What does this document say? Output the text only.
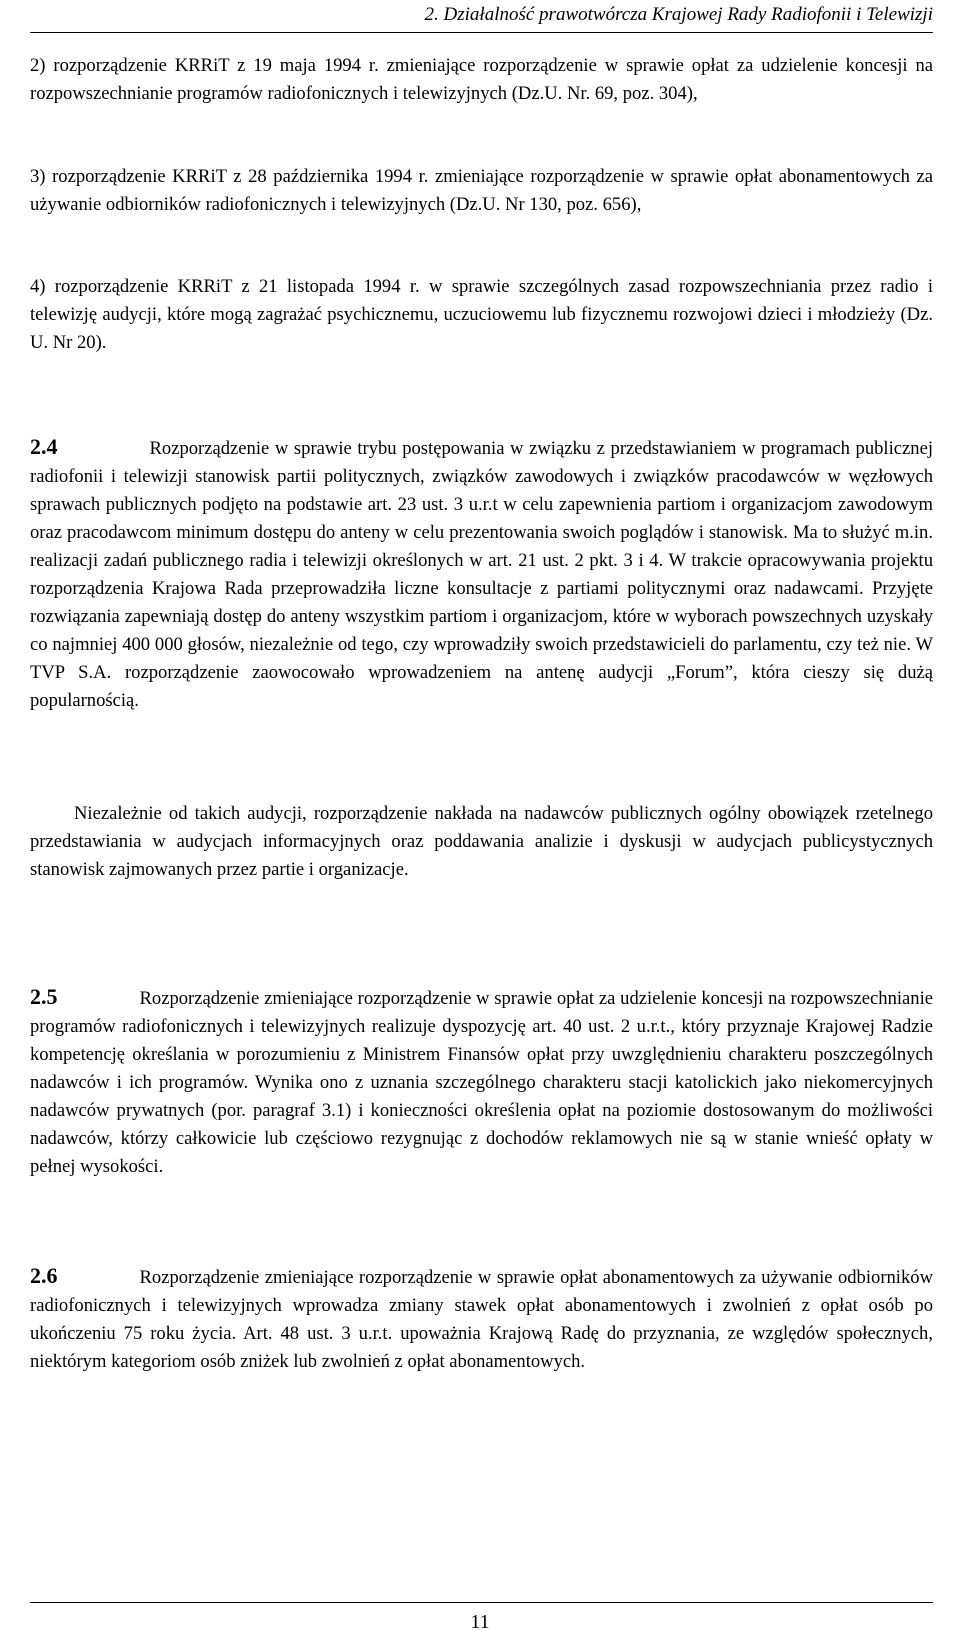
2. Działalność prawotwórcza Krajowej Rady Radiofonii i Telewizji

2) rozporządzenie KRRiT z 19 maja 1994 r. zmieniające rozporządzenie w sprawie opłat za udzielenie koncesji na rozpowszechnianie programów radiofonicznych i telewizyjnych (Dz.U. Nr. 69, poz. 304),

3) rozporządzenie KRRiT z 28 października 1994 r. zmieniające rozporządzenie w sprawie opłat abonamentowych za używanie odbiorników radiofonicznych i telewizyjnych (Dz.U. Nr 130, poz. 656),

4) rozporządzenie KRRiT z 21 listopada 1994 r. w sprawie szczególnych zasad rozpowszechniania przez radio i telewizję audycji, które mogą zagrażać psychicznemu, uczuciowemu lub fizycznemu rozwojowi dzieci i młodzieży (Dz. U. Nr 20).

2.4	Rozporządzenie w sprawie trybu postępowania w związku z przedstawianiem w programach publicznej radiofonii i telewizji stanowisk partii politycznych, związków zawodowych i związków pracodawców w węzłowych sprawach publicznych podjęto na podstawie art. 23 ust. 3 u.r.t w celu zapewnienia partiom i organizacjom zawodowym oraz pracodawcom minimum dostępu do anteny w celu prezentowania swoich poglądów i stanowisk. Ma to służyć m.in. realizacji zadań publicznego radia i telewizji określonych w art. 21 ust. 2 pkt. 3 i 4. W trakcie opracowywania projektu rozporządzenia Krajowa Rada przeprowadziła liczne konsultacje z partiami politycznymi oraz nadawcami. Przyjęte rozwiązania zapewniają dostęp do anteny wszystkim partiom i organizacjom, które w wyborach powszechnych uzyskały co najmniej 400 000 głosów, niezależnie od tego, czy wprowadziły swoich przedstawicieli do parlamentu, czy też nie. W TVP S.A. rozporządzenie zaowocowało wprowadzeniem na antenę audycji „Forum”, która cieszy się dużą popularnością.

Niezależnie od takich audycji, rozporządzenie nakłada na nadawców publicznych ogólny obowiązek rzetelnego przedstawiania w audycjach informacyjnych oraz poddawania analizie i dyskusji w audycjach publicystycznych stanowisk zajmowanych przez partie i organizacje.

2.5	Rozporządzenie zmieniające rozporządzenie w sprawie opłat za udzielenie koncesji na rozpowszechnianie programów radiofonicznych i telewizyjnych realizuje dyspozycję art. 40 ust. 2 u.r.t., który przyznaje Krajowej Radzie kompetencję określania w porozumieniu z Ministrem Finansów opłat przy uwzględnieniu charakteru poszczególnych nadawców i ich programów. Wynika ono z uznania szczególnego charakteru stacji katolickich jako niekomercyjnych nadawców prywatnych (por. paragraf 3.1) i konieczności określenia opłat na poziomie dostosowanym do możliwości nadawców, którzy całkowicie lub częściowo rezygnując z dochodów reklamowych nie są w stanie wnieść opłaty w pełnej wysokości.

2.6	Rozporządzenie zmieniające rozporządzenie w sprawie opłat abonamentowych za używanie odbiorników radiofonicznych i telewizyjnych wprowadza zmiany stawek opłat abonamentowych i zwolnień z opłat osób po ukończeniu 75 roku życia. Art. 48 ust. 3 u.r.t. upoważnia Krajową Radę do przyznania, ze względów społecznych, niektórym kategoriom osób zniżek lub zwolnień z opłat abonamentowych.

11
